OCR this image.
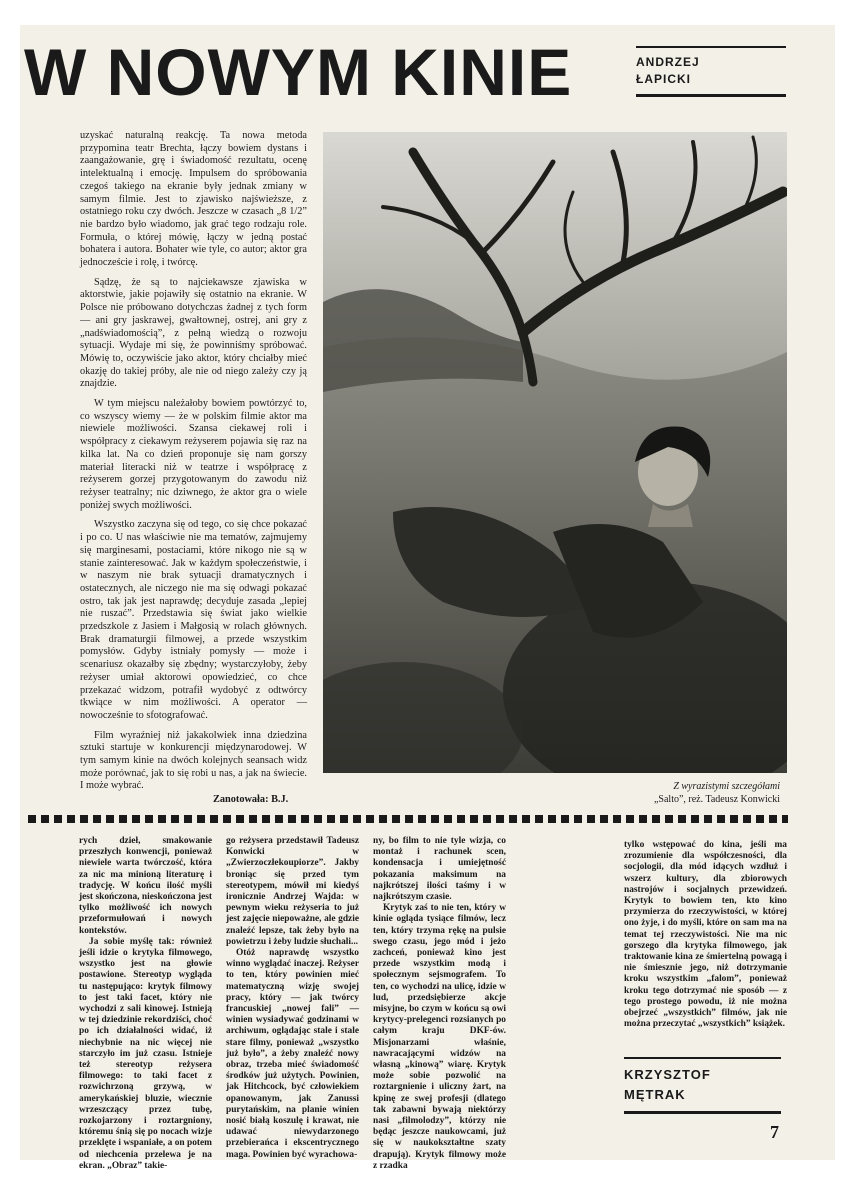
W NOWYM KINIE	ANDRZEJ
ŁAPICKI

uzyskać naturalną reakcję. Ta nowa metoda przypomina teatr Brechta, łączy bowiem dystans i zaangażowanie, grę i świadomość rezultatu, ocenę intelektualną i emocję. Impulsem do spróbowania czegoś takiego na ekranie były jednak zmiany w samym filmie. Jest to zjawisko najświeższe, z ostatniego roku czy dwóch. Jeszcze w czasach „8 1/2” nie bardzo było wiadomo, jak grać tego rodzaju role. Formuła, o której mówię, łączy w jedną postać bohatera i autora. Bohater wie tyle, co autor; aktor gra jednoczeście i rolę, i twórcę.

Sądzę, że są to najciekawsze zjawiska w aktorstwie, jakie pojawiły się ostatnio na ekranie. W Polsce nie próbowano dotychczas żadnej z tych form — ani gry jaskrawej, gwałtownej, ostrej, ani gry z „nadświadomością”, z pełną wiedzą o rozwoju sytuacji. Wydaje mi się, że powinniśmy spróbować. Mówię to, oczywiście jako aktor, który chciałby mieć okazję do takiej próby, ale nie od niego zależy czy ją znajdzie.

W tym miejscu należałoby bowiem powtórzyć to, co wszyscy wiemy — że w polskim filmie aktor ma niewiele możliwości. Szansa ciekawej roli i współpracy z ciekawym reżyserem pojawia się raz na kilka lat. Na co dzień proponuje się nam gorszy materiał literacki niż w teatrze i współpracę z reżyserem gorzej przygotowanym do zawodu niż reżyser teatralny; nic dziwnego, że aktor gra o wiele poniżej swych możliwości.

Wszystko zaczyna się od tego, co się chce pokazać i po co. U nas właściwie nie ma tematów, zajmujemy się marginesami, postaciami, które nikogo nie są w stanie zainteresować. Jak w każdym społeczeństwie, i w naszym nie brak sytuacji dramatycznych i ostatecznych, ale niczego nie ma się odwagi pokazać ostro, tak jak jest naprawdę; decyduje zasada „lepiej nie ruszać”. Przedstawia się świat jako wielkie przedszkole z Jasiem i Małgosią w rolach głównych. Brak dramaturgii filmowej, a przede wszystkim pomysłów. Gdyby istniały pomysły — może i scenariusz okazałby się zbędny; wystarczyłoby, żeby reżyser umiał aktorowi opowiedzieć, co chce przekazać widzom, potrafił wydobyć z odtwórcy tkwiące w nim możliwości. A operator — nowocześnie to sfotografować.

Film wyraźniej niż jakakolwiek inna dziedzina sztuki startuje w konkurencji międzynarodowej. W tym samym kinie na dwóch kolejnych seansach widz może porównać, jak to się robi u nas, a jak na świecie. I może wybrać.

Zanotowała: B.J.
Z wyrazistymi szczegółami
„Salto”, reż. Tadeusz Konwicki

rych dzieł, smakowanie przeszłych konwencji, ponieważ niewiele warta twórczość, która za nic ma minioną literaturę i tradycję. W końcu ilość myśli jest skończona, nieskończona jest tylko możliwość ich nowych przeformułowań i nowych kontekstów.

Ja sobie myślę tak: również jeśli idzie o krytyka filmowego, wszystko jest na głowie postawione. Stereotyp wygląda tu następująco: krytyk filmowy to jest taki facet, który nie wychodzi z sali kinowej. Istnieją w tej dziedzinie rekordziści, choć po ich działalności widać, iż niechybnie na nic więcej nie starczyło im już czasu. Istnieje też stereotyp reżysera filmowego: to taki facet z rozwichrzoną grzywą, w amerykańskiej bluzie, wiecznie wrzeszczący przez tubę, rozkojarzony i roztargniony, któremu śnią się po nocach wizje przeklęte i wspaniałe, a on potem od niechcenia przelewa je na ekran. „Obraz” takie-

go reżysera przedstawił Tadeusz Konwicki w „Zwierzoczłekoupiorze”. Jakby broniąc się przed tym stereotypem, mówił mi kiedyś ironicznie Andrzej Wajda: w pewnym wieku reżyseria to już jest zajęcie niepoważne, ale gdzie znaleźć lepsze, tak żeby było na powietrzu i żeby ludzie słuchali...

Otóż naprawdę wszystko winno wyglądać inaczej. Reżyser to ten, który powinien mieć matematyczną wizję swojej pracy, który — jak twórcy francuskiej „nowej fali” — winien wysiadywać godzinami w archiwum, oglądając stale i stale stare filmy, ponieważ „wszystko już było”, a żeby znaleźć nowy obraz, trzeba mieć świadomość środków już użytych. Powinien, jak Hitchcock, być człowiekiem opanowanym, jak Zanussi purytańskim, na planie winien nosić białą koszulę i krawat, nie udawać niewydarzonego przebierańca i ekscentrycznego maga. Powinien być wyrachowa-

ny, bo film to nie tyle wizja, co montaż i rachunek scen, kondensacja i umiejętność pokazania maksimum na najkrótszej ilości taśmy i w najkrótszym czasie.

Krytyk zaś to nie ten, który w kinie ogląda tysiące filmów, lecz ten, który trzyma rękę na pulsie swego czasu, jego mód i jeżo zachceń, ponieważ kino jest przede wszystkim modą i społecznym sejsmografem. To ten, co wychodzi na ulicę, idzie w lud, przedsiębierze akcje misyjne, bo czym w końcu są owi krytycy-prelegenci rozsianych po całym kraju DKF-ów. Misjonarzami właśnie, nawracającymi widzów na własną „kinową” wiarę. Krytyk może sobie pozwolić na roztargnienie i uliczny żart, na kpinę ze swej profesji (dlatego tak zabawni bywają niektórzy nasi „filmolodzy”, którzy nie będąc jeszcze naukowcami, już się w naukokształtne szaty drapują). Krytyk filmowy może z rzadka

tylko wstępować do kina, jeśli ma zrozumienie dla współczesności, dla socjologii, dla mód idących wzdłuż i wszerz kultury, dla zbiorowych nastrojów i socjalnych przewidzeń. Krytyk to bowiem ten, kto kino przymierza do rzeczywistości, w której ono żyje, i do myśli, które on sam ma na temat tej rzeczywistości. Nie ma nic gorszego dla krytyka filmowego, jak traktowanie kina ze śmiertelną powagą i nie śmiesznie jego, niż dotrzymanie kroku wszystkim „falom”, ponieważ kroku tego dotrzymać nie sposób — z tego prostego powodu, iż nie można obejrzeć „wszystkich” filmów, jak nie można przeczytać „wszystkich” książek.

KRZYSZTOF
MĘTRAK
7
